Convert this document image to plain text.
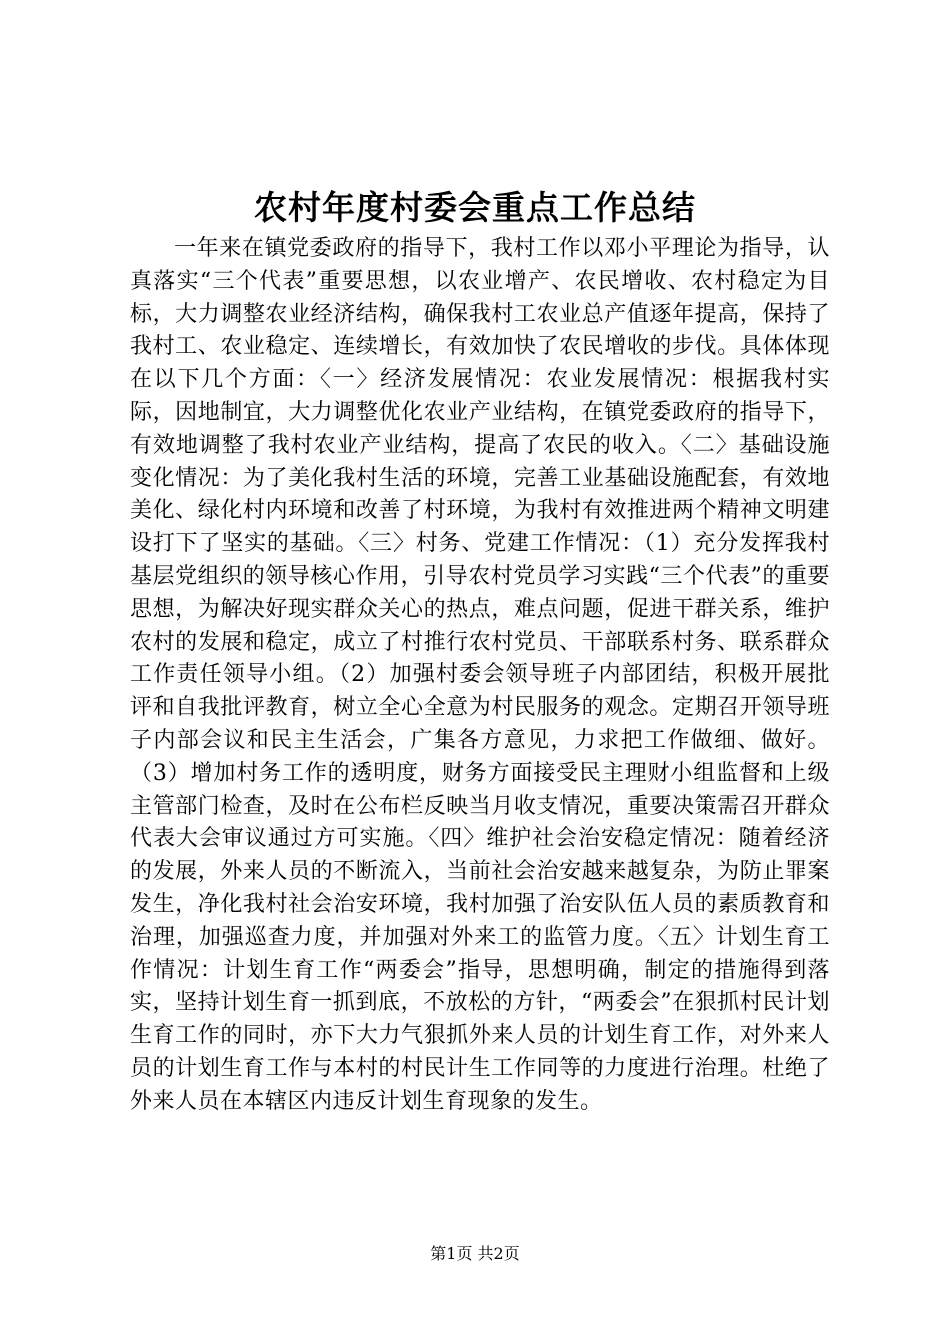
农村年度村委会重点工作总结

一年来在镇党委政府的指导下，我村工作以邓小平理论为指导，认真落实“三个代表”重要思想，以农业增产、农民增收、农村稳定为目标，大力调整农业经济结构，确保我村工农业总产值逐年提高，保持了我村工、农业稳定、连续增长，有效加快了农民增收的步伐。具体体现在以下几个方面：〈一〉经济发展情况：农业发展情况：根据我村实际，因地制宜，大力调整优化农业产业结构，在镇党委政府的指导下，有效地调整了我村农业产业结构，提高了农民的收入。〈二〉基础设施变化情况：为了美化我村生活的环境，完善工业基础设施配套，有效地美化、绿化村内环境和改善了村环境，为我村有效推进两个精神文明建设打下了坚实的基础。〈三〉村务、党建工作情况：（1）充分发挥我村基层党组织的领导核心作用，引导农村党员学习实践“三个代表”的重要思想，为解决好现实群众关心的热点，难点问题，促进干群关系，维护农村的发展和稳定，成立了村推行农村党员、干部联系村务、联系群众工作责任领导小组。（2）加强村委会领导班子内部团结，积极开展批评和自我批评教育，树立全心全意为村民服务的观念。定期召开领导班子内部会议和民主生活会，广集各方意见，力求把工作做细、做好。（3）增加村务工作的透明度，财务方面接受民主理财小组监督和上级主管部门检查，及时在公布栏反映当月收支情况，重要决策需召开群众代表大会审议通过方可实施。〈四〉维护社会治安稳定情况：随着经济的发展，外来人员的不断流入，当前社会治安越来越复杂，为防止罪案发生，净化我村社会治安环境，我村加强了治安队伍人员的素质教育和治理，加强巡查力度，并加强对外来工的监管力度。〈五〉计划生育工作情况：计划生育工作“两委会”指导，思想明确，制定的措施得到落实，坚持计划生育一抓到底，不放松的方针，“两委会”在狠抓村民计划生育工作的同时，亦下大力气狠抓外来人员的计划生育工作，对外来人员的计划生育工作与本村的村民计生工作同等的力度进行治理。杜绝了外来人员在本辖区内违反计划生育现象的发生。

第1页 共2页
